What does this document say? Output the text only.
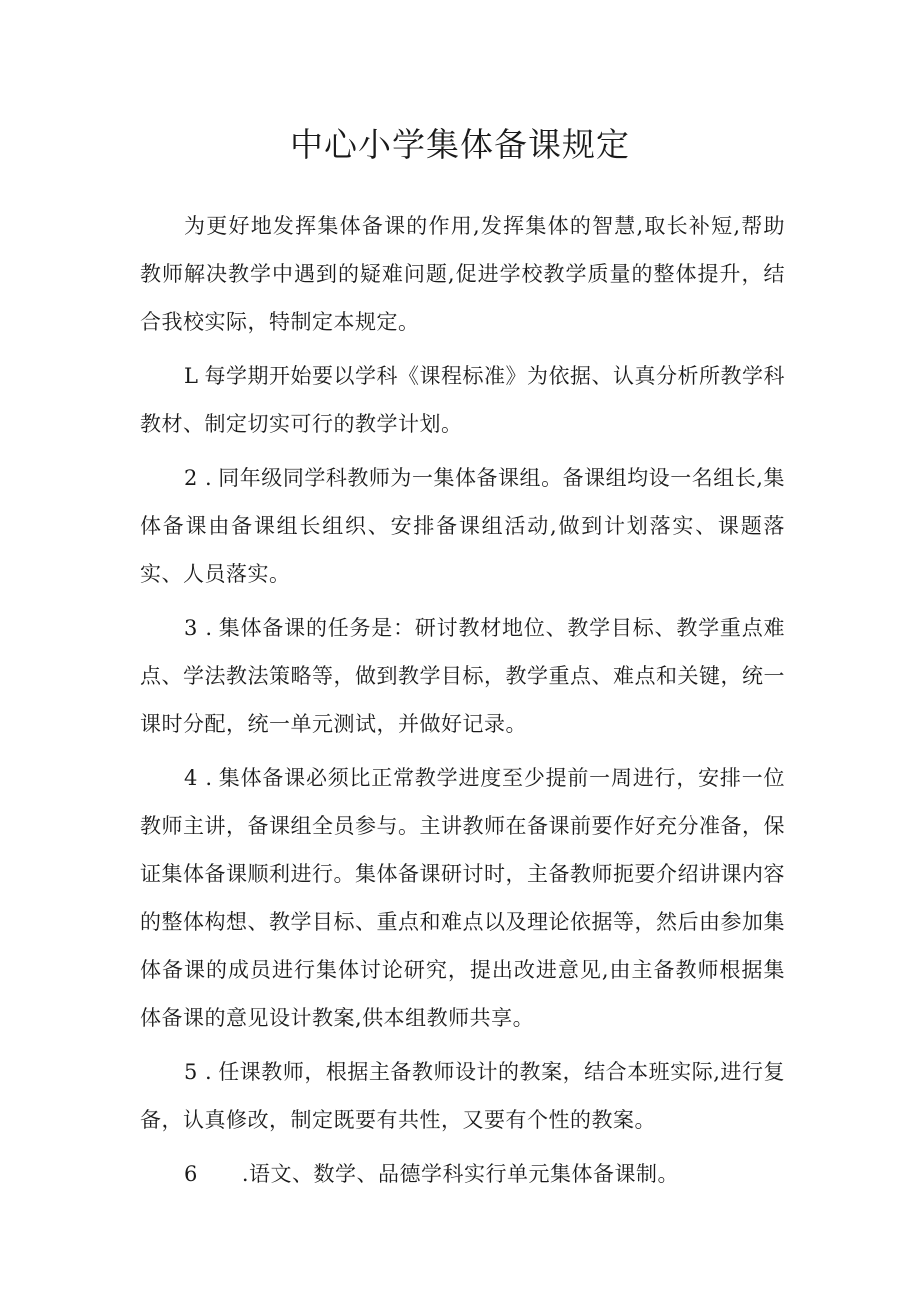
中心小学集体备课规定

为更好地发挥集体备课的作用,发挥集体的智慧,取长补短,帮助教师解决教学中遇到的疑难问题,促进学校教学质量的整体提升，结合我校实际，特制定本规定。

L 每学期开始要以学科《课程标准》为依据、认真分析所教学科教材、制定切实可行的教学计划。

2 . 同年级同学科教师为一集体备课组。备课组均设一名组长,集体备课由备课组长组织、安排备课组活动,做到计划落实、课题落实、人员落实。

3 . 集体备课的任务是：研讨教材地位、教学目标、教学重点难点、学法教法策略等，做到教学目标，教学重点、难点和关键，统一课时分配，统一单元测试，并做好记录。

4 . 集体备课必须比正常教学进度至少提前一周进行，安排一位教师主讲，备课组全员参与。主讲教师在备课前要作好充分准备，保证集体备课顺利进行。集体备课研讨时，主备教师扼要介绍讲课内容的整体构想、教学目标、重点和难点以及理论依据等，然后由参加集体备课的成员进行集体讨论研究，提出改进意见,由主备教师根据集体备课的意见设计教案,供本组教师共享。

5 . 任课教师，根据主备教师设计的教案，结合本班实际,进行复备，认真修改，制定既要有共性，又要有个性的教案。

6 .语文、数学、品德学科实行单元集体备课制。
